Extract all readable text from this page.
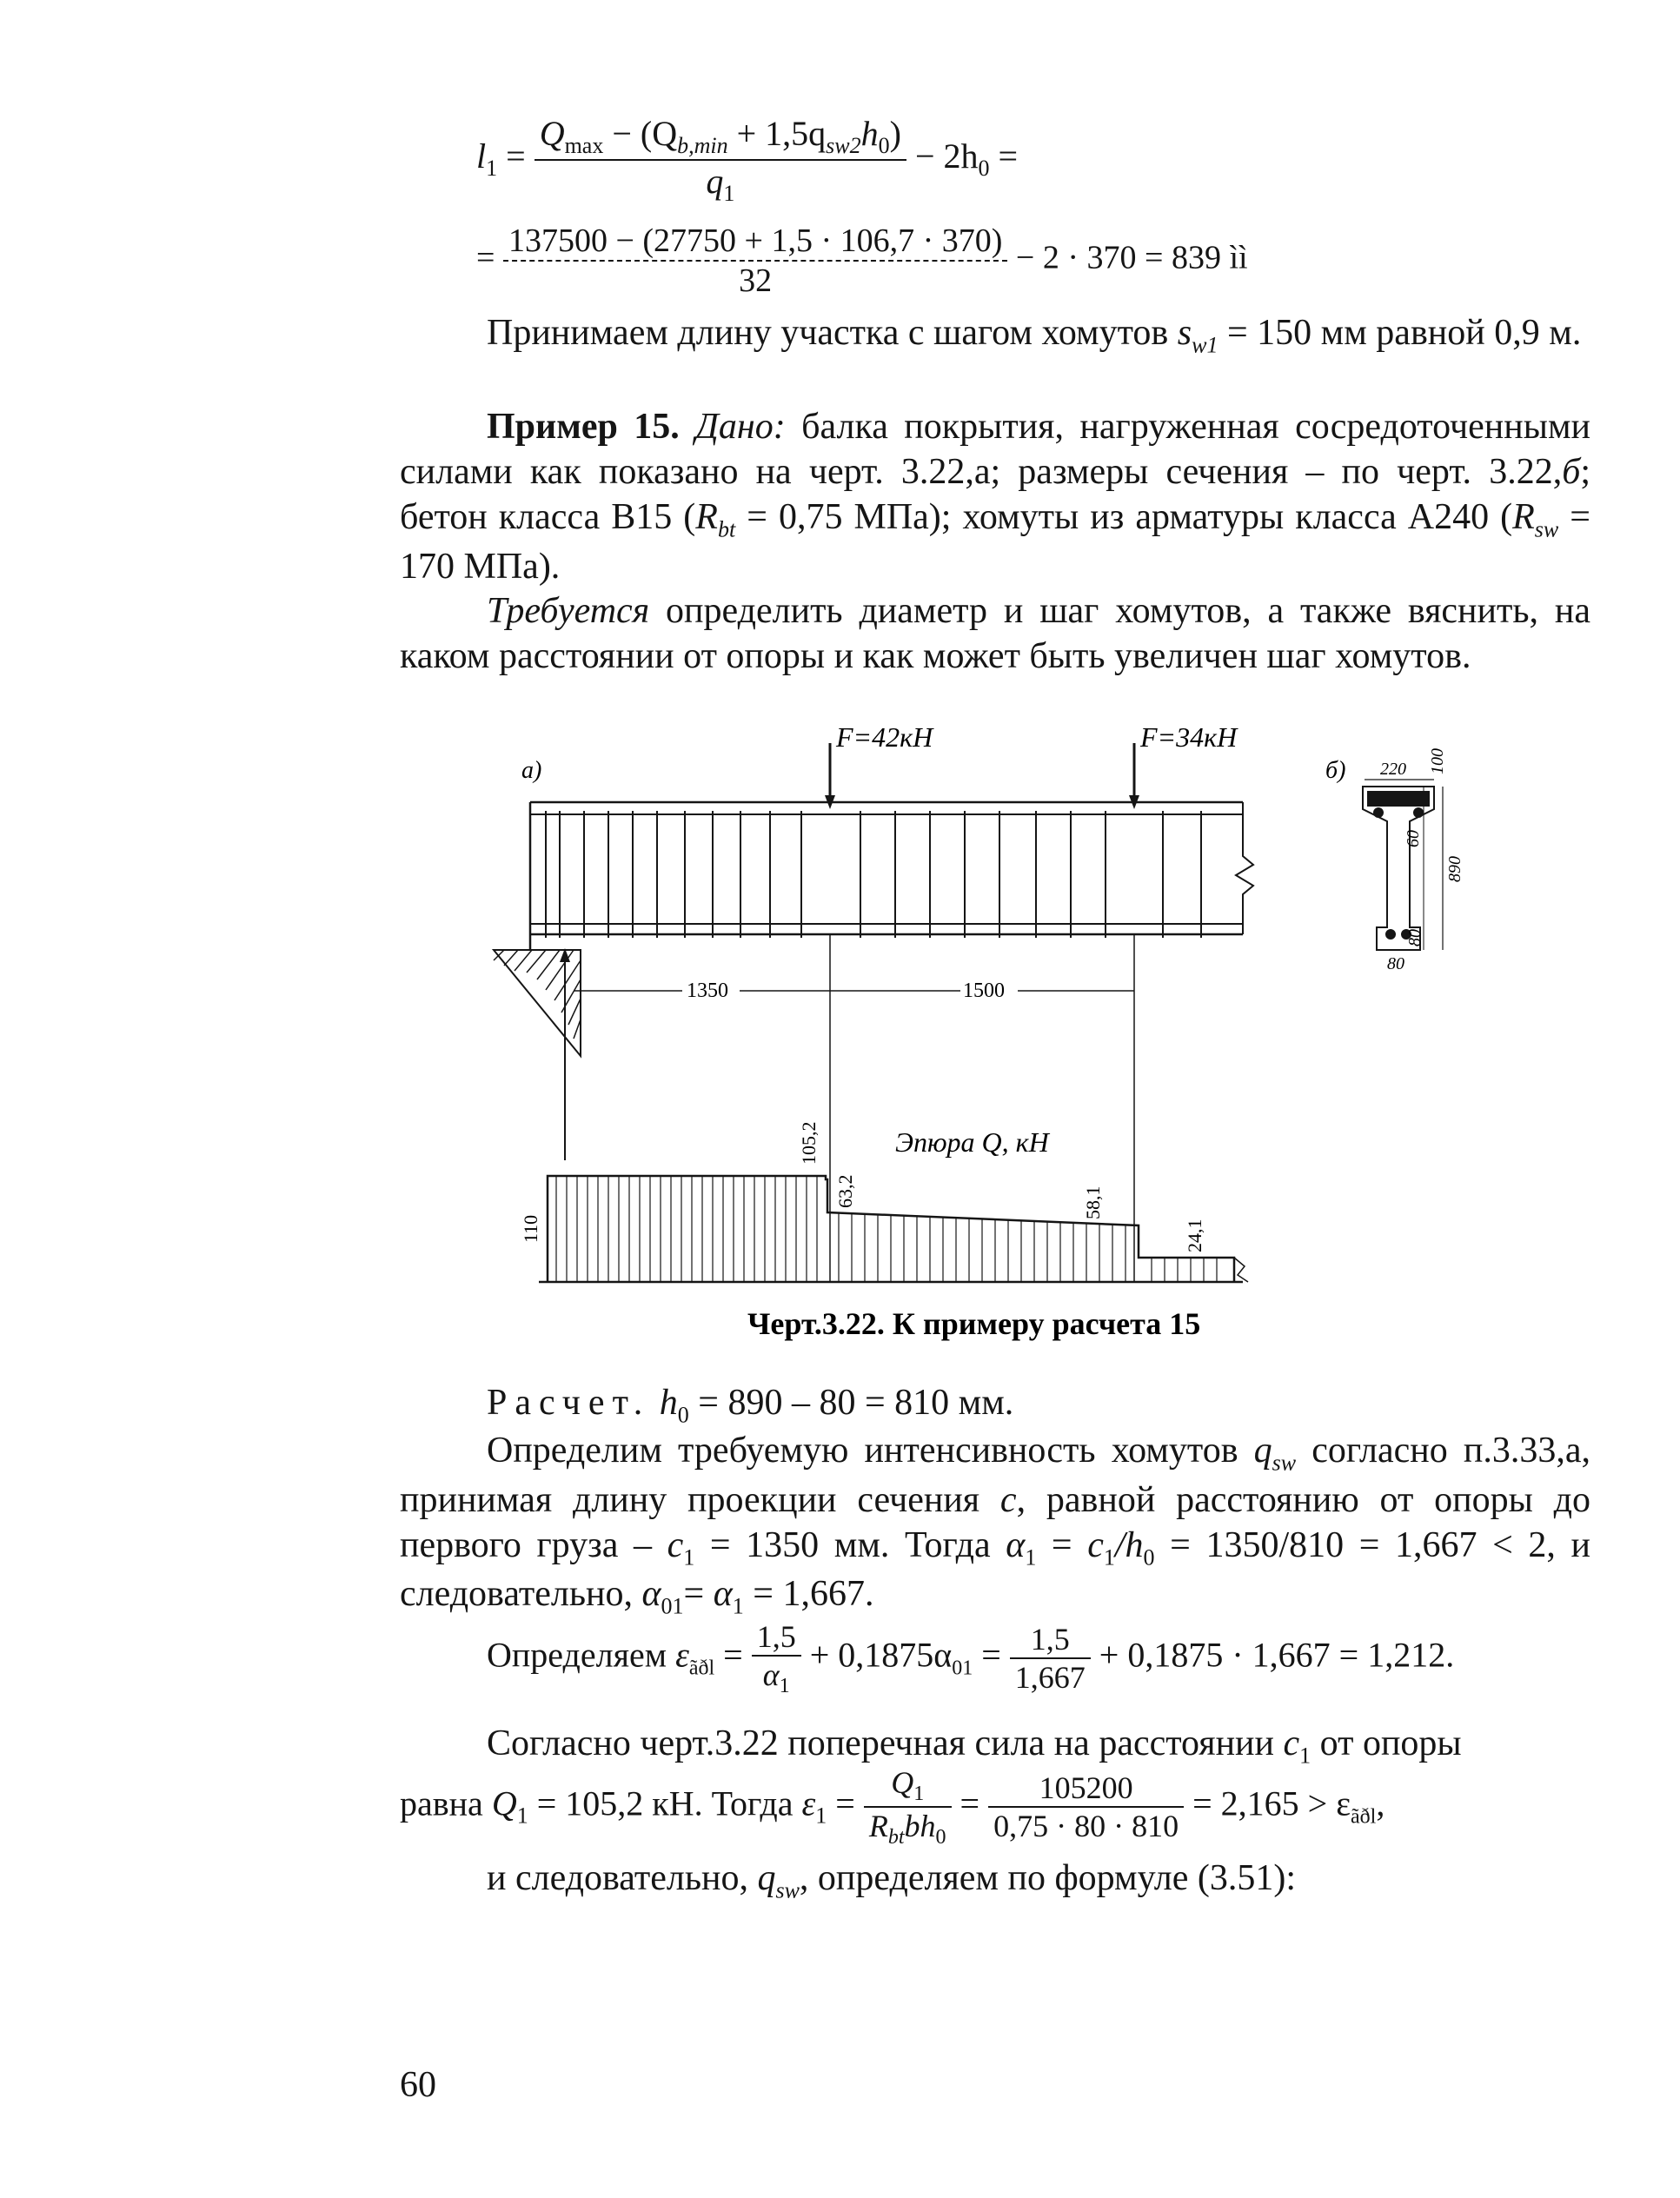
$l_1 = \frac{Q_{max} - (Q_{b,min} + 1,5q_{sw2}h_0)}{q_1} - 2h_0$ =
= $\frac{137500 - (27750 + 1,5 \cdot 106,7 \cdot 370)}{32} - 2 \cdot 370 = 839$ ìì
Принимаем длину участка с шагом хомутов $s_{w1} = 150$ мм равной 0,9 м.
Пример 15. Дано: балка покрытия, нагруженная сосредоточенными силами как показано на черт. 3.22,а; размеры сечения – по черт. 3.22,б; бетон класса В15 ($R_{bt} = 0,75$ МПа); хомуты из арматуры класса А240 ($R_{sw} = 170$ МПа).
Требуется определить диаметр и шаг хомутов, а также вяснить, на каком расстоянии от опоры и как может быть увеличен шаг хомутов.
а)
F=42кН	F=34кН
1350	1500
Эпюра Q, кН
110
105,2
63,2	58,1
24,1
б) 220 100
60
890
80
80
Черт.3.22. К примеру расчета 15
Расчет. $h_0 = 890 - 80 = 810$ мм.
Определим требуемую интенсивность хомутов $q_{sw}$ согласно п.3.33,а, принимая длину проекции сечения c, равной расстоянию от опоры до первого груза – $c_1 = 1350$ мм. Тогда $\alpha_1 = c_1/h_0 = 1350/810 = 1,667 < 2$, и следовательно, $\alpha_{01}= \alpha_1 = 1,667$.
Определяем $\varepsilon_{ãðl} = \frac{1,5}{\alpha_1} + 0,1875\alpha_{01} = \frac{1,5}{1,667} + 0,1875 \cdot 1,667 = 1,212$.
Согласно черт.3.22 поперечная сила на расстоянии $c_1$ от опоры
равна $Q_1 = 105,2$ кН. Тогда $\varepsilon_1 = \frac{Q_1}{R_{bt}bh_0} = \frac{105200}{0,75 \cdot 80 \cdot 810} = 2,165 > \varepsilon_{ãðl}$,
и следовательно, $q_{sw}$, определяем по формуле (3.51):
60
